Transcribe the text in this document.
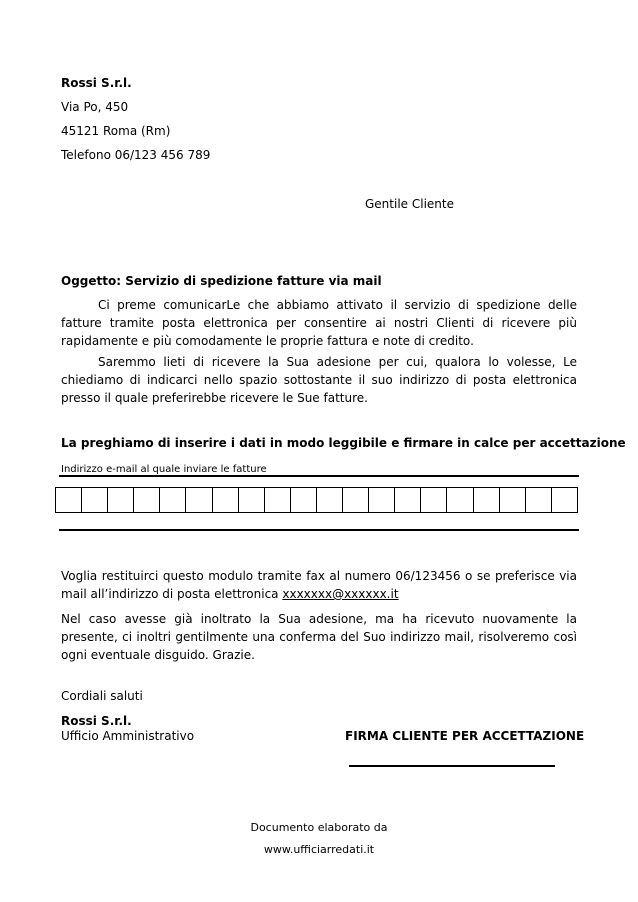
Rossi S.r.l.
Via Po, 450
45121 Roma (Rm)
Telefono 06/123 456 789
Gentile Cliente
Oggetto: Servizio di spedizione fatture via mail

Ci preme comunicarLe che abbiamo attivato il servizio di spedizione delle fatture tramite posta elettronica per consentire ai nostri Clienti di ricevere più rapidamente e più comodamente le proprie fattura e note di credito.

Saremmo lieti di ricevere la Sua adesione per cui, qualora lo volesse, Le chiediamo di indicarci nello spazio sottostante il suo indirizzo di posta elettronica presso il quale preferirebbe ricevere le Sue fatture.

La preghiamo di inserire i dati in modo leggibile e firmare in calce per accettazione
Indirizzo e-mail al quale inviare le fatture

Voglia restituirci questo modulo tramite fax al numero 06/123456 o se preferisce via mail all’indirizzo di posta elettronica xxxxxxx@xxxxxx.it

Nel caso avesse già inoltrato la Sua adesione, ma ha ricevuto nuovamente la presente, ci inoltri gentilmente una conferma del Suo indirizzo mail, risolveremo così ogni eventuale disguido. Grazie.

Cordiali saluti
Rossi S.r.l.
Ufficio Amministrativo	FIRMA CLIENTE PER ACCETTAZIONE
Documento elaborato da
www.ufficiarredati.it
